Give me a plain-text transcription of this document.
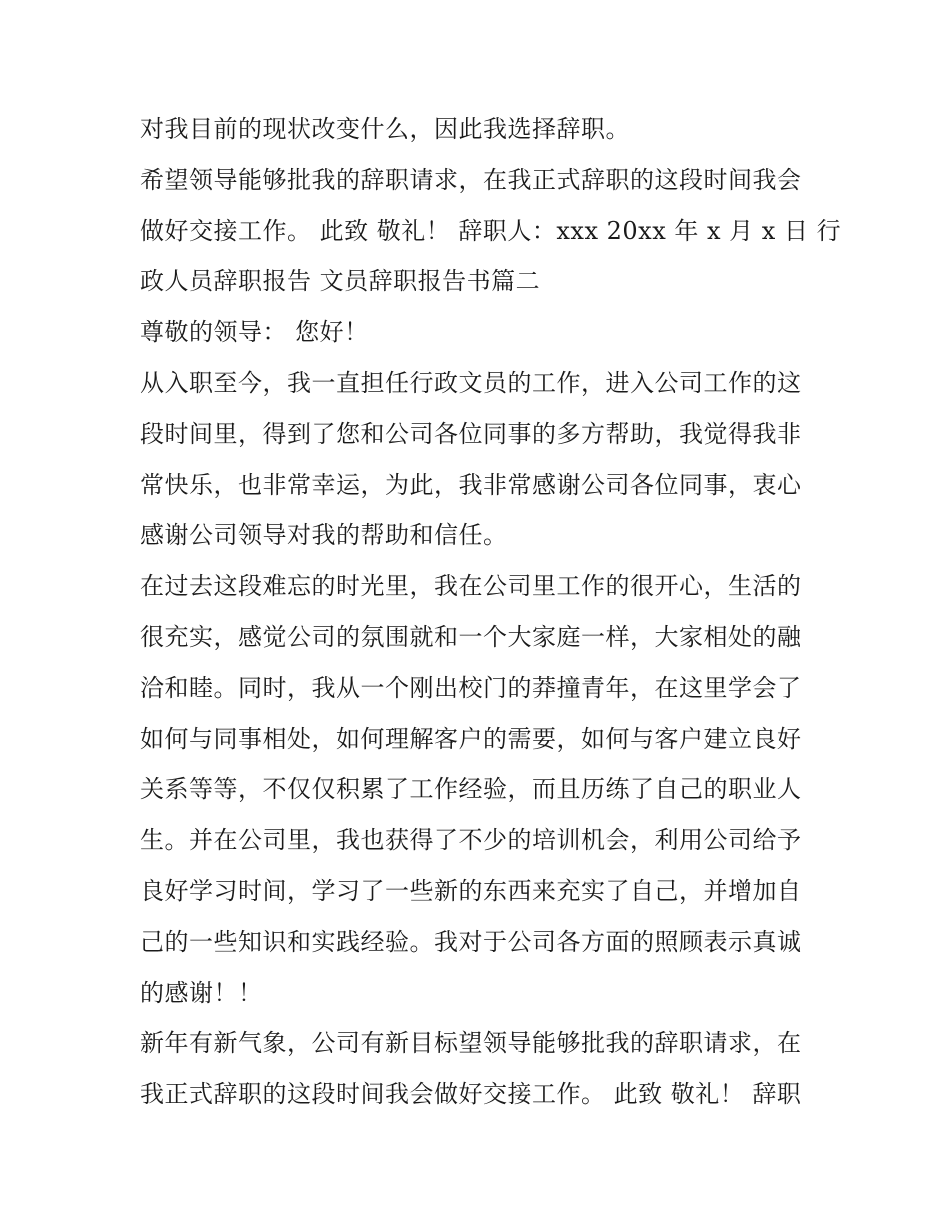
对我目前的现状改变什么，因此我选择辞职。
希望领导能够批我的辞职请求，在我正式辞职的这段时间我会
做好交接工作。 此致 敬礼！ 辞职人：xxx 20xx 年 x 月 x 日 行
政人员辞职报告 文员辞职报告书篇二
尊敬的领导： 您好！
从入职至今，我一直担任行政文员的工作，进入公司工作的这
段时间里，得到了您和公司各位同事的多方帮助，我觉得我非
常快乐，也非常幸运，为此，我非常感谢公司各位同事，衷心
感谢公司领导对我的帮助和信任。
在过去这段难忘的时光里，我在公司里工作的很开心，生活的
很充实，感觉公司的氛围就和一个大家庭一样，大家相处的融
洽和睦。同时，我从一个刚出校门的莽撞青年，在这里学会了
如何与同事相处，如何理解客户的需要，如何与客户建立良好
关系等等，不仅仅积累了工作经验，而且历练了自己的职业人
生。并在公司里，我也获得了不少的培训机会，利用公司给予
良好学习时间，学习了一些新的东西来充实了自己，并增加自
己的一些知识和实践经验。我对于公司各方面的照顾表示真诚
的感谢！！
新年有新气象，公司有新目标望领导能够批我的辞职请求，在
我正式辞职的这段时间我会做好交接工作。 此致 敬礼！ 辞职
